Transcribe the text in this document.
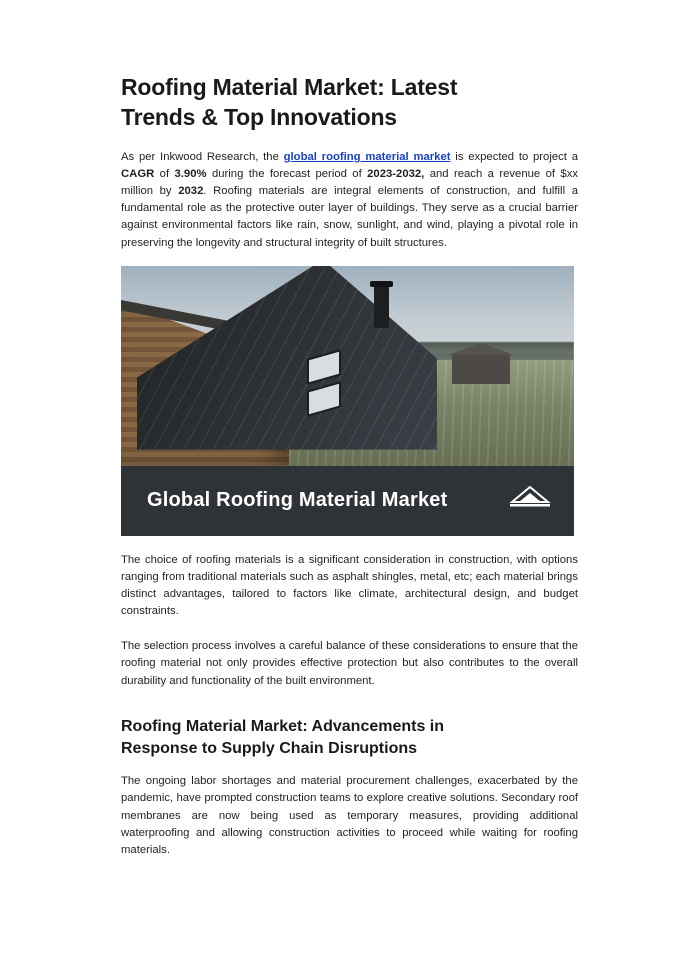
Roofing Material Market: Latest
Trends & Top Innovations

As per Inkwood Research, the global roofing material market is expected to project a CAGR of 3.90% during the forecast period of 2023-2032, and reach a revenue of $xx million by 2032. Roofing materials are integral elements of construction, and fulfill a fundamental role as the protective outer layer of buildings. They serve as a crucial barrier against environmental factors like rain, snow, sunlight, and wind, playing a pivotal role in preserving the longevity and structural integrity of built structures.

Global Roofing Material Market

The choice of roofing materials is a significant consideration in construction, with options ranging from traditional materials such as asphalt shingles, metal, etc; each material brings distinct advantages, tailored to factors like climate, architectural design, and budget constraints.

The selection process involves a careful balance of these considerations to ensure that the roofing material not only provides effective protection but also contributes to the overall durability and functionality of the built environment.

Roofing Material Market: Advancements in
Response to Supply Chain Disruptions

The ongoing labor shortages and material procurement challenges, exacerbated by the pandemic, have prompted construction teams to explore creative solutions. Secondary roof membranes are now being used as temporary measures, providing additional waterproofing and allowing construction activities to proceed while waiting for roofing materials.
